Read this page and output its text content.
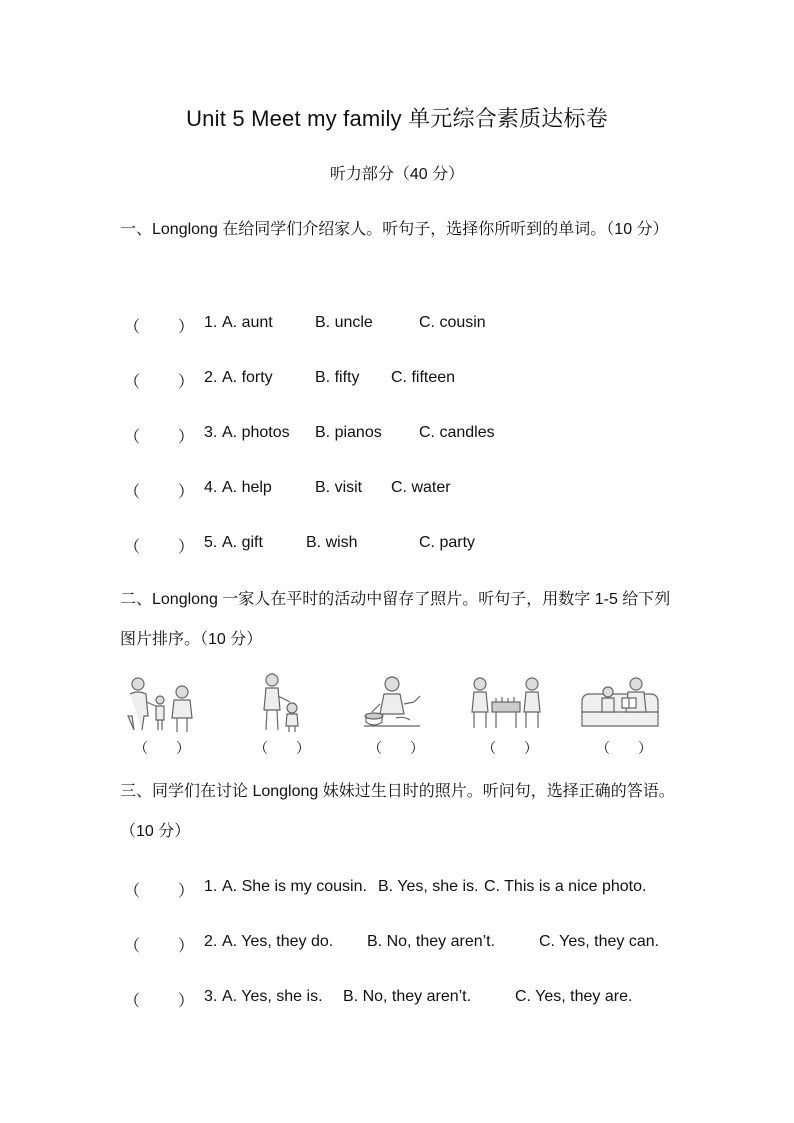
Unit 5 Meet my family 单元综合素质达标卷
听力部分（40 分）
一、Longlong 在给同学们介绍家人。听句子，选择你所听到的单词。（10 分）
（ ） 1. A. aunt	B. uncle	C. cousin
（ ） 2. A. forty	B. fifty C. fifteen
（ ） 3. A. photos B. pianos C. candles
（ ） 4. A. help	B. visit C. water
（ ） 5. A. gift	B. wish	C. party
二、Longlong 一家人在平时的活动中留存了照片。听句子，用数字 1-5 给下列图片排序。（10 分）
（ ）	（ ）	（ ）	（ ）	（ ）
三、同学们在讨论 Longlong 妹妹过生日时的照片。听问句，选择正确的答语。（10 分）
（ ） 1. A. She is my cousin. B. Yes, she is. C. This is a nice photo.
（ ） 2. A. Yes, they do. B. No, they aren’t.	C. Yes, they can.
（ ） 3. A. Yes, she is. B. No, they aren’t.	C. Yes, they are.
